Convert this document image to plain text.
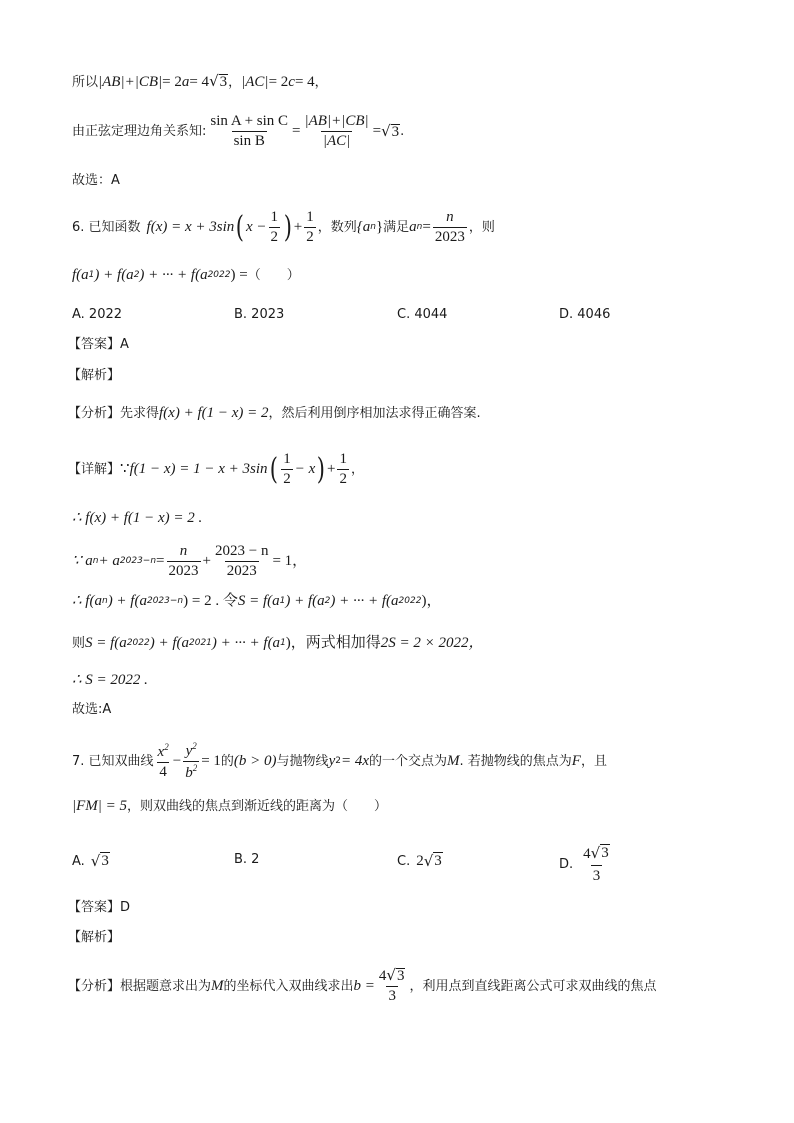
所以 |AB|+|CB| = 2 a = 4 √ 3 ， |AC| = 2 c = 4 ，
由正弦定理边角关系知: $\frac{\text{sin A + sin C}}{\text{sin B}} = \frac{|AB|+|CB|}{|AC|}$ = √ 3 .
故选：A
6. 已知函数 f(x) = x + 3sin ( $x - \frac{1}{2}$ ) + $\frac{1}{2}$ ，数列 {a n } 满足 a $n = \frac{n}{2023}$ ，则
f(a 1 ) + f(a 2 ) + ··· + f(a 2022 ) = （　　）
A. 2022	B. 2023	C. 4044	D. 4046
【答案】A
【解析】
【分析】先求得 f(x) + f(1 − x) = 2 ，然后利用倒序相加法求得正确答案.
【详解】 ∵ f(1 − x) = 1 − x + 3sin ( $\frac{1}{2} - x$ ) + $\frac{1}{2}$ ，
∴ f(x) + f(1 − x) = 2 .
∵ a n + a $2023-n = \frac{n}{2023} + \frac{2023 - n}{2023} = 1$，
∴ f(a n ) + f(a 2023−n ) = 2 . 令 S = f(a 1 ) + f(a 2 ) + ··· + f(a 2022 )，
则 S = f(a 2022 ) + f(a 2021 ) + ··· + f(a 1 )，两式相加得 2S = 2 × 2022，
∴ S = 2022 .
故选:A
7. 已知双曲线 $\frac{x^2}{4} - \frac{y^2}{b^2} = 1$ 的 (b > 0) 与抛物线 y 2 = 4x 的一个交点为 M . 若抛物线的焦点为 F ，且
|FM| = 5 ，则双曲线的焦点到渐近线的距离为（　　）
A. √ 3	B. 2	C. 2 √ 3	D. $\frac{4 √ 3}{3}$
【答案】D
【解析】
【分析】根据题意求出为 M 的坐标代入双曲线求出 $b = \frac{4 √ 3}{3}$ ，利用点到直线距离公式可求双曲线的焦点
